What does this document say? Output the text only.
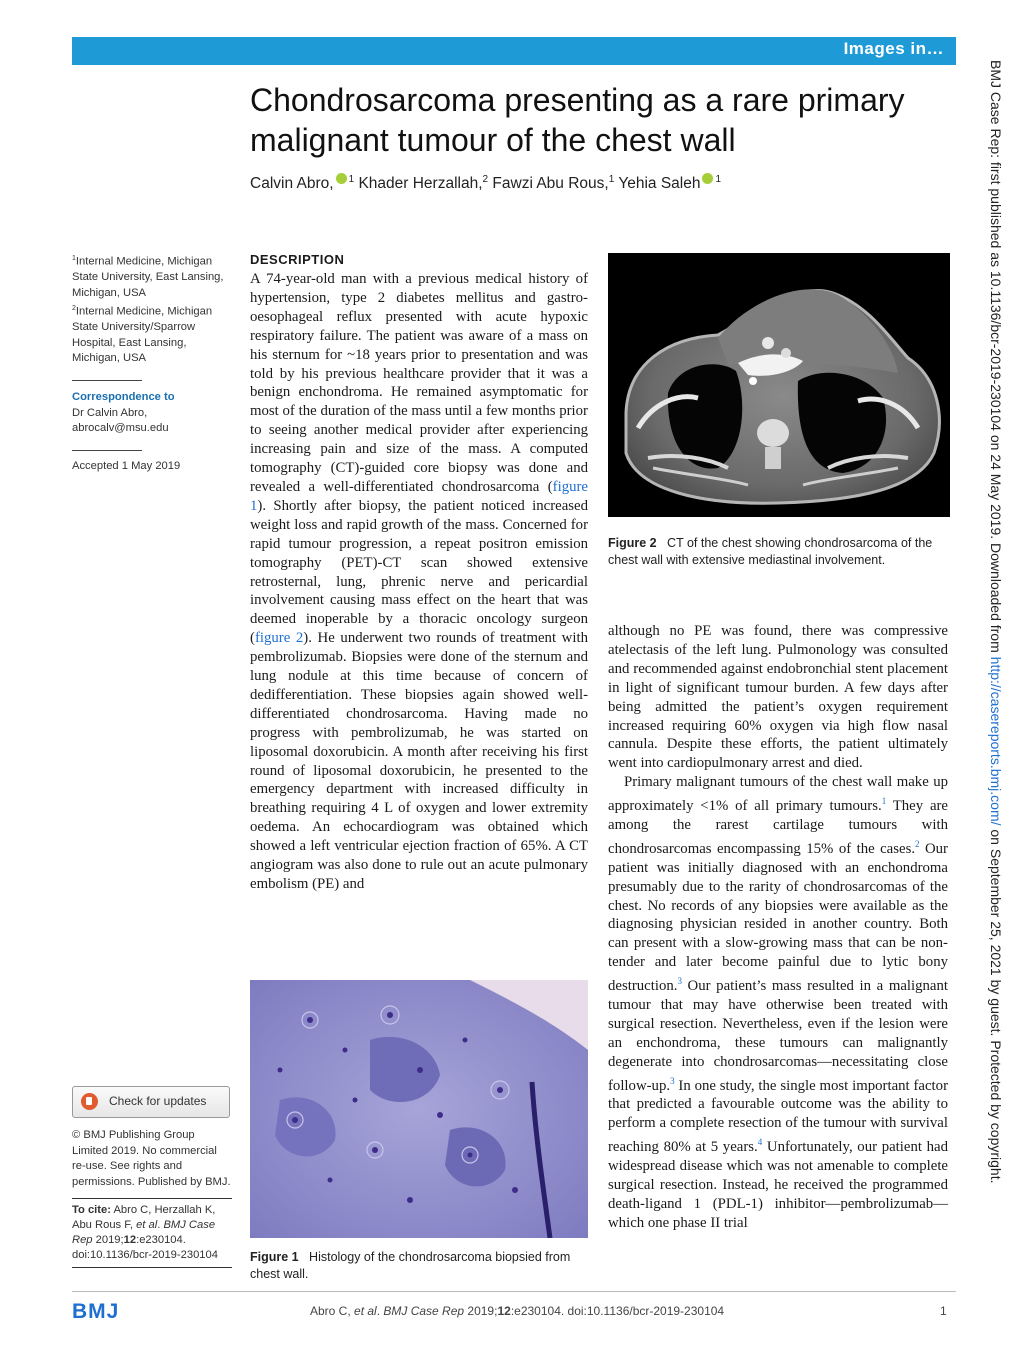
Images in…
Chondrosarcoma presenting as a rare primary
malignant tumour of the chest wall
Calvin Abro, $^1$ Khader Herzallah,$^2$ Fawzi Abu Rous,$^1$ Yehia Saleh $^1$	BMJ Case Rep: first published as 10.1136/bcr-2019-230104 on 24 May 2019. Downloaded from http://casereports.bmj.com/ on September 25, 2021 by guest. Protected by copyright.
$^1$Internal Medicine, Michigan State University, East Lansing, Michigan, USA
$^2$Internal Medicine, Michigan State University/Sparrow Hospital, East Lansing, Michigan, USA
Correspondence to
Dr Calvin Abro,
abrocalv@msu.edu
Accepted 1 May 2019
Check for updates
© BMJ Publishing Group Limited 2019. No commercial re-use. See rights and permissions. Published by BMJ.
To cite: Abro C, Herzallah K, Abu Rous F, et al. BMJ Case Rep 2019;12:e230104. doi:10.1136/bcr-2019-230104
DESCRIPTION

A 74-year-old man with a previous medical history of hypertension, type 2 diabetes mellitus and gastro-oesophageal reflux presented with acute hypoxic respiratory failure. The patient was aware of a mass on his sternum for ~18 years prior to presentation and was told by his previous healthcare provider that it was a benign enchondroma. He remained asymptomatic for most of the duration of the mass until a few months prior to seeing another medical provider after experiencing increasing pain and size of the mass. A computed tomography (CT)-guided core biopsy was done and revealed a well-differentiated chondrosarcoma (figure 1). Shortly after biopsy, the patient noticed increased weight loss and rapid growth of the mass. Concerned for rapid tumour progression, a repeat positron emission tomography (PET)-CT scan showed extensive retrosternal, lung, phrenic nerve and pericardial involvement causing mass effect on the heart that was deemed inoperable by a thoracic oncology surgeon (figure 2). He underwent two rounds of treatment with pembrolizumab. Biopsies were done of the sternum and lung nodule at this time because of concern of dedifferentiation. These biopsies again showed well-differentiated chondrosarcoma. Having made no progress with pembrolizumab, he was started on liposomal doxorubicin. A month after receiving his first round of liposomal doxorubicin, he presented to the emergency department with increased difficulty in breathing requiring 4 L of oxygen and lower extremity oedema. An echocardiogram was obtained which showed a left ventricular ejection fraction of 65%. A CT angiogram was also done to rule out an acute pulmonary embolism (PE) and

Figure 2 CT of the chest showing chondrosarcoma of the chest wall with extensive mediastinal involvement.

although no PE was found, there was compressive atelectasis of the left lung. Pulmonology was consulted and recommended against endobronchial stent placement in light of significant tumour burden. A few days after being admitted the patient’s oxygen requirement increased requiring 60% oxygen via high flow nasal cannula. Despite these efforts, the patient ultimately went into cardiopulmonary arrest and died.

Primary malignant tumours of the chest wall make up approximately <1% of all primary tumours.$^1$ They are among the rarest cartilage tumours with chondrosarcomas encompassing 15% of the cases.$^2$ Our patient was initially diagnosed with an enchondroma presumably due to the rarity of chondrosarcomas of the chest. No records of any biopsies were available as the diagnosing physician resided in another country. Both can present with a slow-growing mass that can be non-tender and later become painful due to lytic bony destruction.$^3$ Our patient’s mass resulted in a malignant tumour that may have otherwise been treated with surgical resection. Nevertheless, even if the lesion were an enchondroma, these tumours can malignantly degenerate into chondrosarcomas—necessitating close follow-up.$^3$ In one study, the single most important factor that predicted a favourable outcome was the ability to perform a complete resection of the tumour with survival reaching 80% at 5 years.$^4$ Unfortunately, our patient had widespread disease which was not amenable to complete surgical resection. Instead, he received the programmed death-ligand 1 (PDL-1) inhibitor—pembrolizumab—which one phase II trial

Figure 1 Histology of the chondrosarcoma biopsied from chest wall.
BMJ	Abro C, et al. BMJ Case Rep 2019;12:e230104. doi:10.1136/bcr-2019-230104	1
